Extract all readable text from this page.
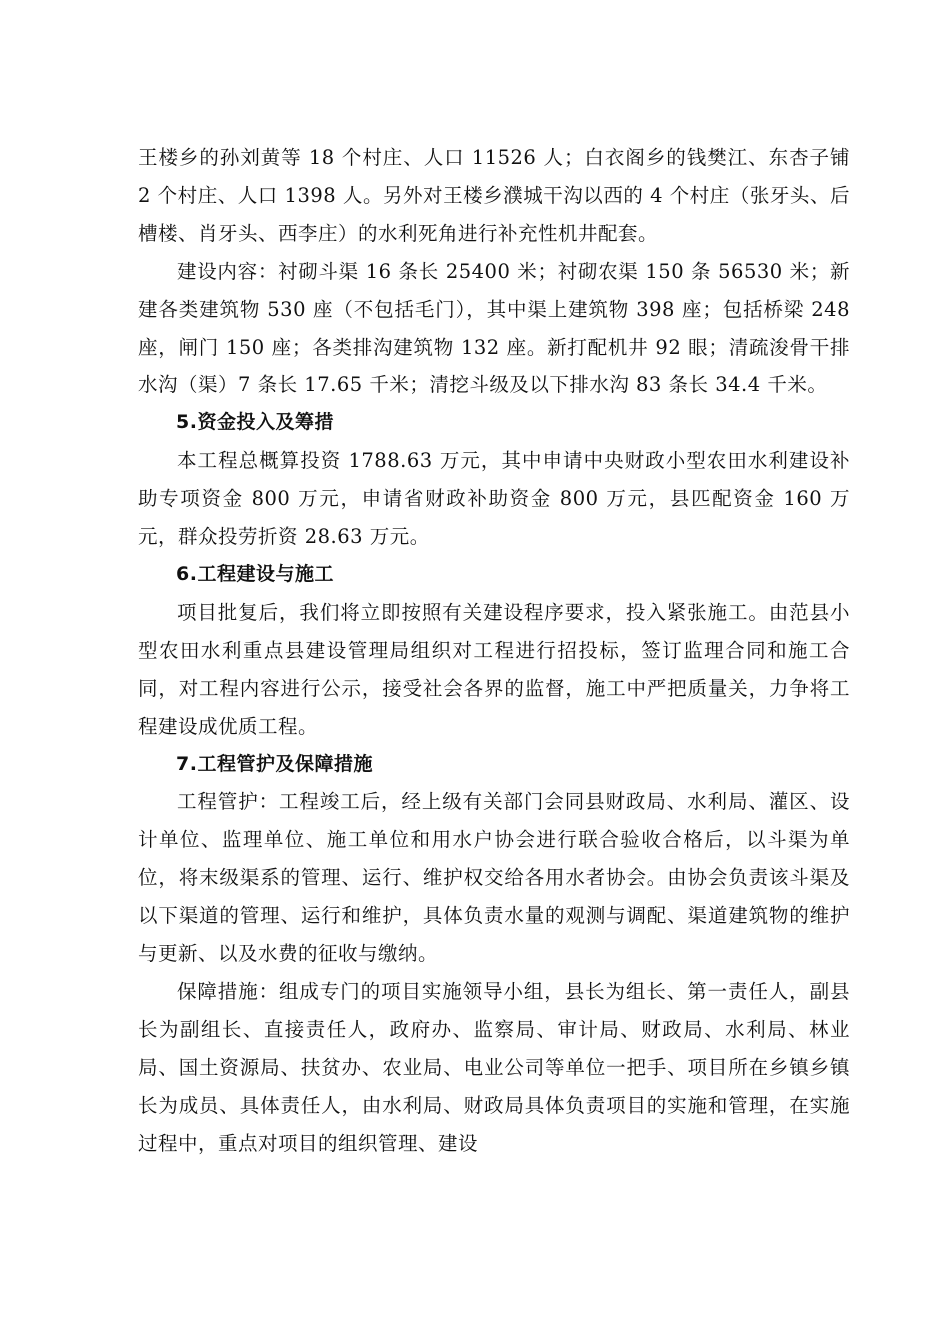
王楼乡的孙刘黄等 18 个村庄、人口 11526 人；白衣阁乡的钱樊江、东杏子铺 2 个村庄、人口 1398 人。另外对王楼乡濮城干沟以西的 4 个村庄（张牙头、后槽楼、肖牙头、西李庄）的水利死角进行补充性机井配套。

建设内容：衬砌斗渠 16 条长 25400 米；衬砌农渠 150 条 56530 米；新建各类建筑物 530 座（不包括毛门），其中渠上建筑物 398 座；包括桥梁 248 座，闸门 150 座；各类排沟建筑物 132 座。新打配机井 92 眼；清疏浚骨干排水沟（渠）7 条长 17.65 千米；清挖斗级及以下排水沟 83 条长 34.4 千米。

5.资金投入及筹措

本工程总概算投资 1788.63 万元，其中申请中央财政小型农田水利建设补助专项资金 800 万元，申请省财政补助资金 800 万元，县匹配资金 160 万元，群众投劳折资 28.63 万元。

6.工程建设与施工

项目批复后，我们将立即按照有关建设程序要求，投入紧张施工。由范县小型农田水利重点县建设管理局组织对工程进行招投标，签订监理合同和施工合同，对工程内容进行公示，接受社会各界的监督，施工中严把质量关，力争将工程建设成优质工程。

7.工程管护及保障措施

工程管护：工程竣工后，经上级有关部门会同县财政局、水利局、灌区、设计单位、监理单位、施工单位和用水户协会进行联合验收合格后，以斗渠为单位，将末级渠系的管理、运行、维护权交给各用水者协会。由协会负责该斗渠及以下渠道的管理、运行和维护，具体负责水量的观测与调配、渠道建筑物的维护与更新、以及水费的征收与缴纳。

保障措施：组成专门的项目实施领导小组，县长为组长、第一责任人，副县长为副组长、直接责任人，政府办、监察局、审计局、财政局、水利局、林业局、国土资源局、扶贫办、农业局、电业公司等单位一把手、项目所在乡镇乡镇长为成员、具体责任人，由水利局、财政局具体负责项目的实施和管理，在实施过程中，重点对项目的组织管理、建设
